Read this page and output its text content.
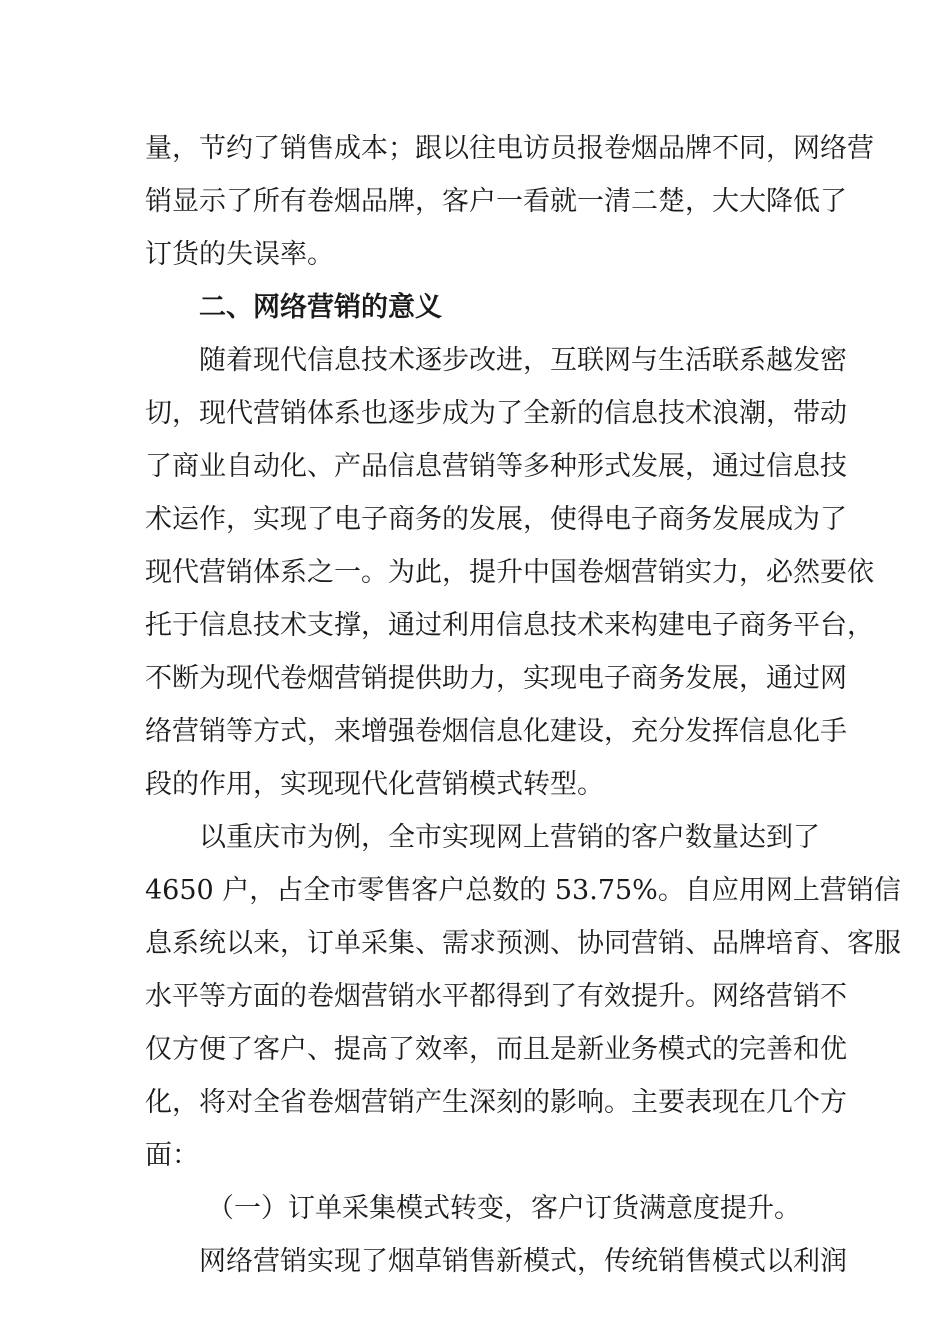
量，节约了销售成本；跟以往电访员报卷烟品牌不同，网络营
销显示了所有卷烟品牌，客户一看就一清二楚，大大降低了
订货的失误率。
二、网络营销的意义
随着现代信息技术逐步改进，互联网与生活联系越发密
切，现代营销体系也逐步成为了全新的信息技术浪潮，带动
了商业自动化、产品信息营销等多种形式发展，通过信息技
术运作，实现了电子商务的发展，使得电子商务发展成为了
现代营销体系之一。为此，提升中国卷烟营销实力，必然要依
托于信息技术支撑，通过利用信息技术来构建电子商务平台，
不断为现代卷烟营销提供助力，实现电子商务发展，通过网
络营销等方式，来增强卷烟信息化建设，充分发挥信息化手
段的作用，实现现代化营销模式转型。
以重庆市为例，全市实现网上营销的客户数量达到了
4650 户，占全市零售客户总数的 53.75%。自应用网上营销信
息系统以来，订单采集、需求预测、协同营销、品牌培育、客服
水平等方面的卷烟营销水平都得到了有效提升。网络营销不
仅方便了客户、提高了效率，而且是新业务模式的完善和优
化，将对全省卷烟营销产生深刻的影响。主要表现在几个方
面：
（一）订单采集模式转变，客户订货满意度提升。
网络营销实现了烟草销售新模式，传统销售模式以利润
